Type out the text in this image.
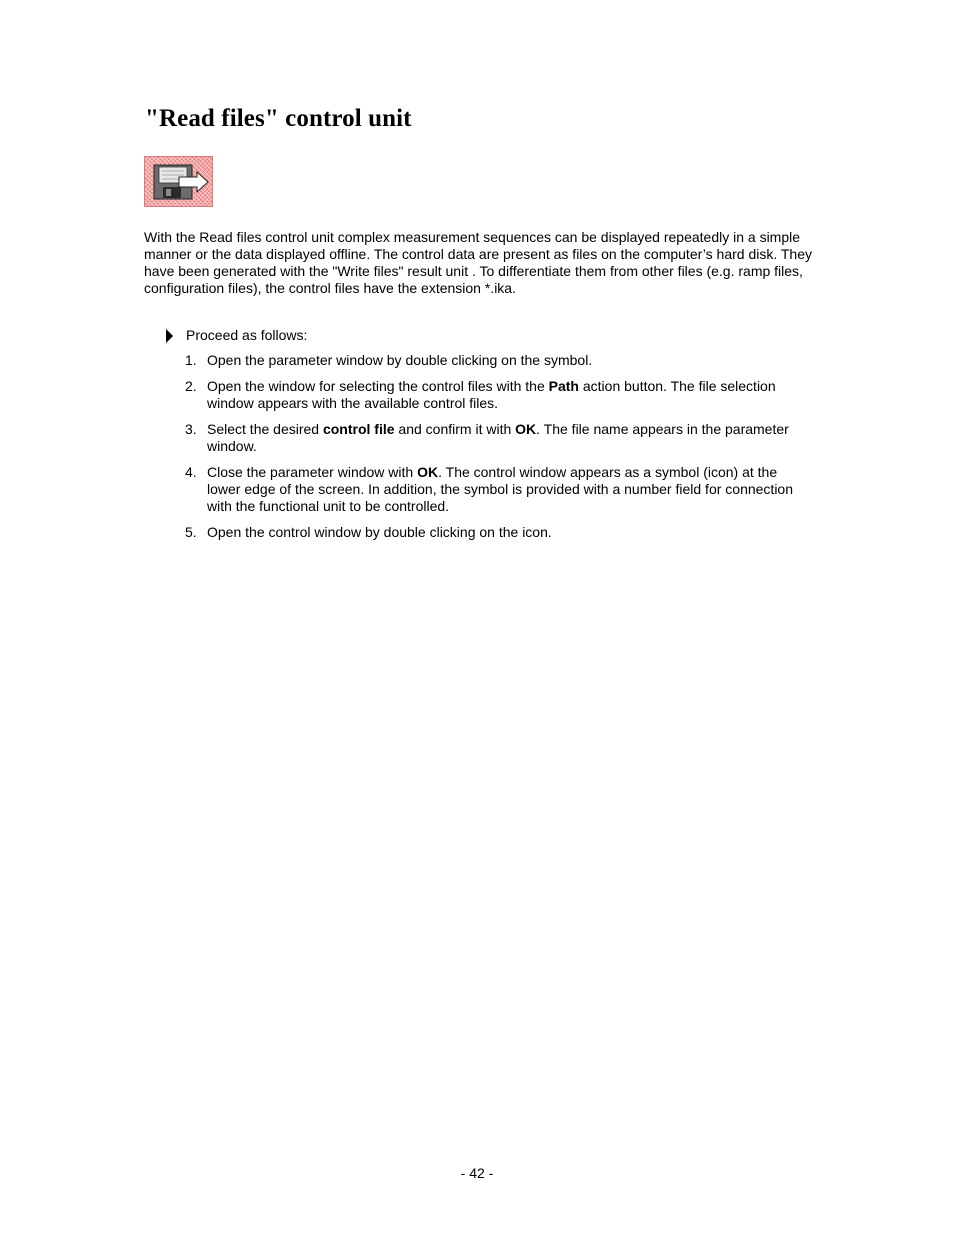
"Read files" control unit

With the Read files control unit complex measurement sequences can be displayed repeatedly in a simple manner or the data displayed offline. The control data are present as files on the computer’s hard disk. They have been generated with the "Write files" result unit . To differentiate them from other files (e.g. ramp files, configuration files), the control files have the extension *.ika.

Proceed as follows:
1. Open the parameter window by double clicking on the symbol.
2. Open the window for selecting the control files with the Path action button. The file selection window appears with the available control files.
3. Select the desired control file and confirm it with OK. The file name appears in the parameter window.
4. Close the parameter window with OK. The control window appears as a symbol (icon) at the lower edge of the screen. In addition, the symbol is provided with a number field for connection with the functional unit to be controlled.
5. Open the control window by double clicking on the icon.
- 42 -
